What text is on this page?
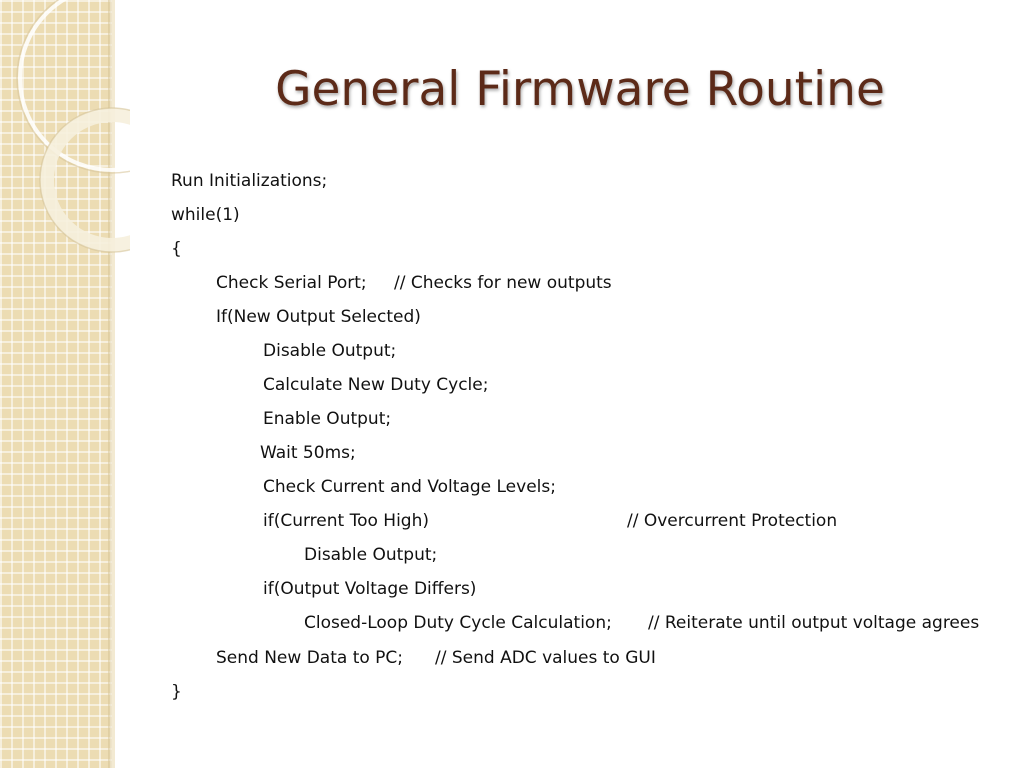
General Firmware Routine
Run Initializations;
while(1)
{
Check Serial Port; // Checks for new outputs
If(New Output Selected)
Disable Output;
Calculate New Duty Cycle;
Enable Output;
Wait 50ms;
Check Current and Voltage Levels;
if(Current Too High)	// Overcurrent Protection
Disable Output;
if(Output Voltage Differs)
Closed-Loop Duty Cycle Calculation; // Reiterate until output voltage agrees
Send New Data to PC; // Send ADC values to GUI
}
